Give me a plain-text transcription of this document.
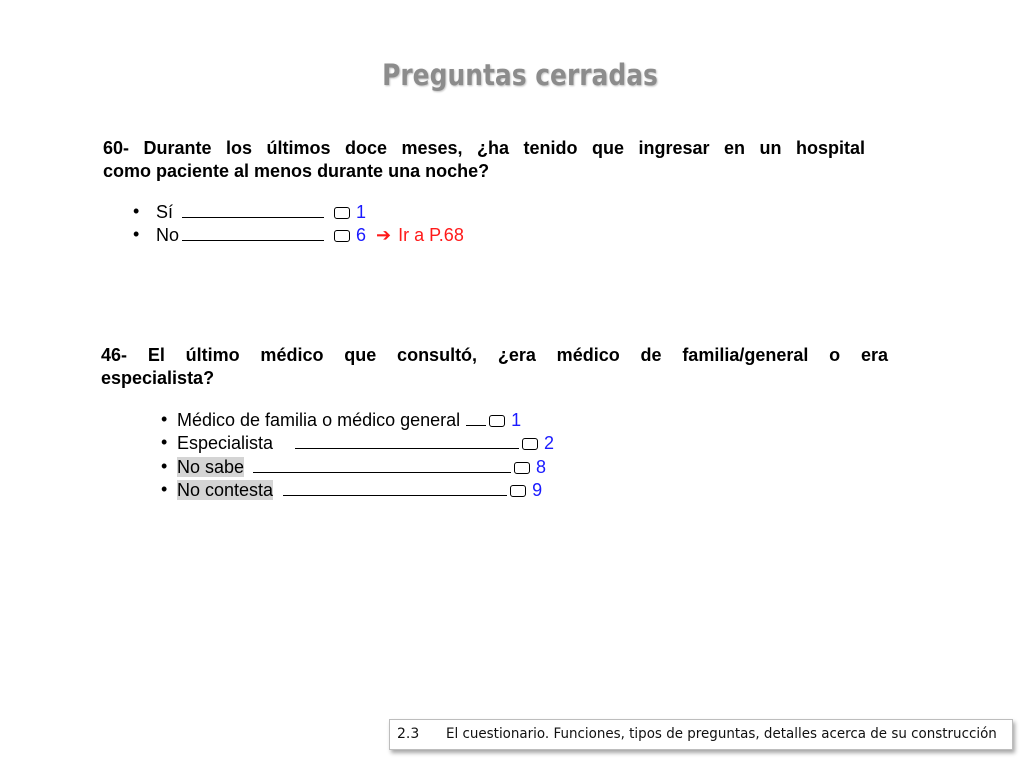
Preguntas cerradas
60- Durante los últimos doce meses, ¿ha tenido que ingresar en un hospital
como paciente al menos durante una noche?
• Sí	1
• No	6 ➔ Ir a P.68
46- El último médico que consultó, ¿era médico de familia/general o era
especialista?
• Médico de familia o médico general	1
• Especialista	2
• No sabe	8
• No contesta	9
2.3 El cuestionario. Funciones, tipos de preguntas, detalles acerca de su construcción
